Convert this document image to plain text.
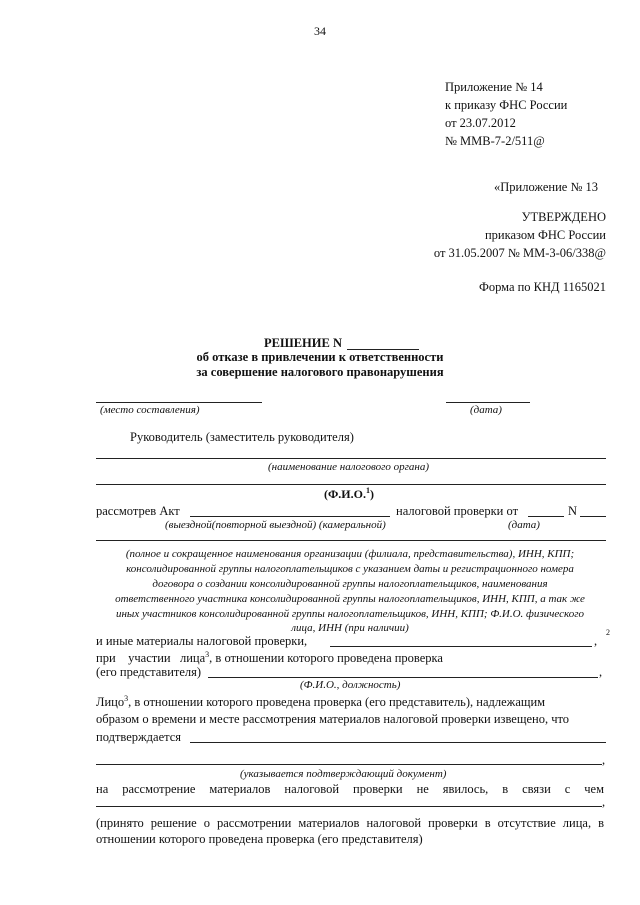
34
Приложение № 14
к приказу ФНС России
от 23.07.2012
№ ММВ-7-2/511@
«Приложение № 13
УТВЕРЖДЕНО
приказом ФНС России
от 31.05.2007 № ММ-3-06/338@
Форма по КНД 1165021
РЕШЕНИЕ N
об отказе в привлечении к ответственности
за совершение налогового правонарушения
(место составления)	(дата)
Руководитель (заместитель руководителя)
(наименование налогового органа)
(Ф.И.О.$^1$)
рассмотрев Акт	налоговой проверки от	N
(выездной(повторной выездной) (камеральной)	(дата)
(полное и сокращенное наименования организации (филиала, представительства), ИНН, КПП;
консолидированной группы налогоплательщиков с указанием даты и регистрационного номера
договора о создании консолидированной группы налогоплательщиков, наименования
ответственного участника консолидированной группы налогоплательщиков, ИНН, КПП, а так же
иных участников консолидированной группы налогоплательщиков, ИНН, КПП; Ф.И.О. физического
лица, ИНН (при наличии)
и иные материалы налоговой проверки,	,
2
при участии лица$^3$, в отношении которого проведена проверка
(его представителя)	,
(Ф.И.О., должность)
Лицо$^3$, в отношении которого проведена проверка (его представитель), надлежащим
образом о времени и месте рассмотрения материалов налоговой проверки извещено, что
подтверждается
,
(указывается подтверждающий документ)
на рассмотрение материалов налоговой проверки не явилось, в связи с чем
,
(принято решение о рассмотрении материалов налоговой проверки в отсутствие лица, в
отношении которого проведена проверка (его представителя)
